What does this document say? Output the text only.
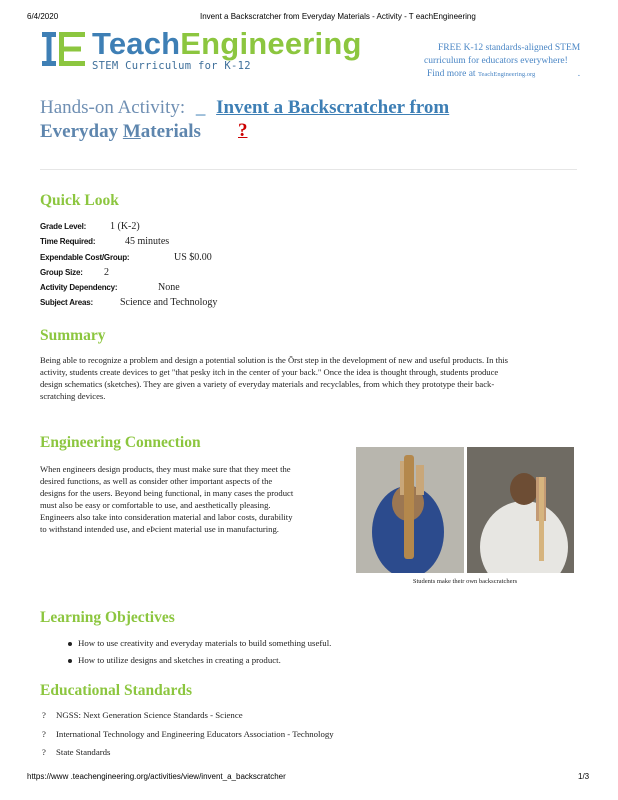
6/4/2020	Invent a Backscratcher from Everyday Materials - Activity - T eachEngineering
TeachEngineering
STEM Curriculum for K-12
FREE K-12 standards-aligned STEM
curriculum for educators everywhere!
Find more at TeachEngineering.org	.
Hands-on Activity: _ Invent a Backscratcher from
Everyday Materials	?
Quick Look
Grade Level: 1 (K-2)
Time Required:	45 minutes
Expendable Cost/Group:	US $0.00
Group Size: 2
Activity Dependency:	None
Subject Areas:	Science and Technology
Summary
Being able to recognize a problem and design a potential solution is the Õrst step in the development of new and useful products. In this activity, students create devices to get "that pesky itch in the center of your back." Once the idea is thought through, students produce design schematics (sketches). They are given a variety of everyday materials and recyclables, from which they prototype their back-scratching devices.
Engineering Connection
When engineers design products, they must make sure that they meet the desired functions, as well as consider other important aspects of the designs for the users. Beyond being functional, in many cases the product must also be easy or comfortable to use, and aesthetically pleasing. Engineers also take into consideration material and labor costs, durability to withstand intended use, and eÞcient material use in manufacturing.
Students make their own backscratchers
Learning Objectives
How to use creativity and everyday materials to build something useful.
How to utilize designs and sketches in creating a product.
Educational Standards
? NGSS: Next Generation Science Standards - Science
? International Technology and Engineering Educators Association - Technology
? State Standards
https://www .teachengineering.org/activities/view/invent_a_backscratcher	1/3
